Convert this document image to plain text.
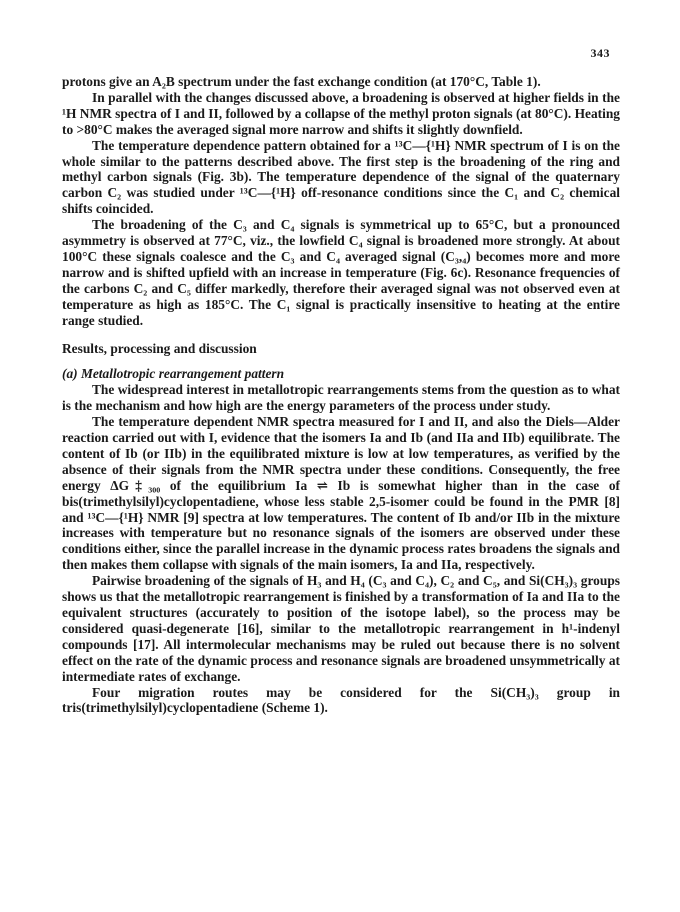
343

protons give an A₂B spectrum under the fast exchange condition (at 170°C, Table 1).

In parallel with the changes discussed above, a broadening is observed at higher fields in the ¹H NMR spectra of I and II, followed by a collapse of the methyl proton signals (at 80°C). Heating to >80°C makes the averaged signal more narrow and shifts it slightly downfield.

The temperature dependence pattern obtained for a ¹³C—{¹H} NMR spectrum of I is on the whole similar to the patterns described above. The first step is the broadening of the ring and methyl carbon signals (Fig. 3b). The temperature dependence of the signal of the quaternary carbon C₂ was studied under ¹³C—{¹H} off-resonance conditions since the C₁ and C₂ chemical shifts coincided.

The broadening of the C₃ and C₄ signals is symmetrical up to 65°C, but a pronounced asymmetry is observed at 77°C, viz., the lowfield C₄ signal is broadened more strongly. At about 100°C these signals coalesce and the C₃ and C₄ averaged signal (C₃,₄) becomes more and more narrow and is shifted upfield with an increase in temperature (Fig. 6c). Resonance frequencies of the carbons C₂ and C₅ differ markedly, therefore their averaged signal was not observed even at temperature as high as 185°C. The C₁ signal is practically insensitive to heating at the entire range studied.

Results, processing and discussion
(a) Metallotropic rearrangement pattern

The widespread interest in metallotropic rearrangements stems from the question as to what is the mechanism and how high are the energy parameters of the process under study.

The temperature dependent NMR spectra measured for I and II, and also the Diels—Alder reaction carried out with I, evidence that the isomers Ia and Ib (and IIa and IIb) equilibrate. The content of Ib (or IIb) in the equilibrated mixture is low at low temperatures, as verified by the absence of their signals from the NMR spectra under these conditions. Consequently, the free energy ΔG‡₃₀₀ of the equilibrium Ia ⇌ Ib is somewhat higher than in the case of bis(trimethylsilyl)cyclopentadiene, whose less stable 2,5-isomer could be found in the PMR [8] and ¹³C—{¹H} NMR [9] spectra at low temperatures. The content of Ib and/or IIb in the mixture increases with temperature but no resonance signals of the isomers are observed under these conditions either, since the parallel increase in the dynamic process rates broadens the signals and then makes them collapse with signals of the main isomers, Ia and IIa, respectively.

Pairwise broadening of the signals of H₃ and H₄ (C₃ and C₄), C₂ and C₅, and Si(CH₃)₃ groups shows us that the metallotropic rearrangement is finished by a transformation of Ia and IIa to the equivalent structures (accurately to position of the isotope label), so the process may be considered quasi-degenerate [16], similar to the metallotropic rearrangement in h¹-indenyl compounds [17]. All intermolecular mechanisms may be ruled out because there is no solvent effect on the rate of the dynamic process and resonance signals are broadened unsymmetrically at intermediate rates of exchange.

Four migration routes may be considered for the Si(CH₃)₃ group in tris(trimethylsilyl)cyclopentadiene (Scheme 1).
